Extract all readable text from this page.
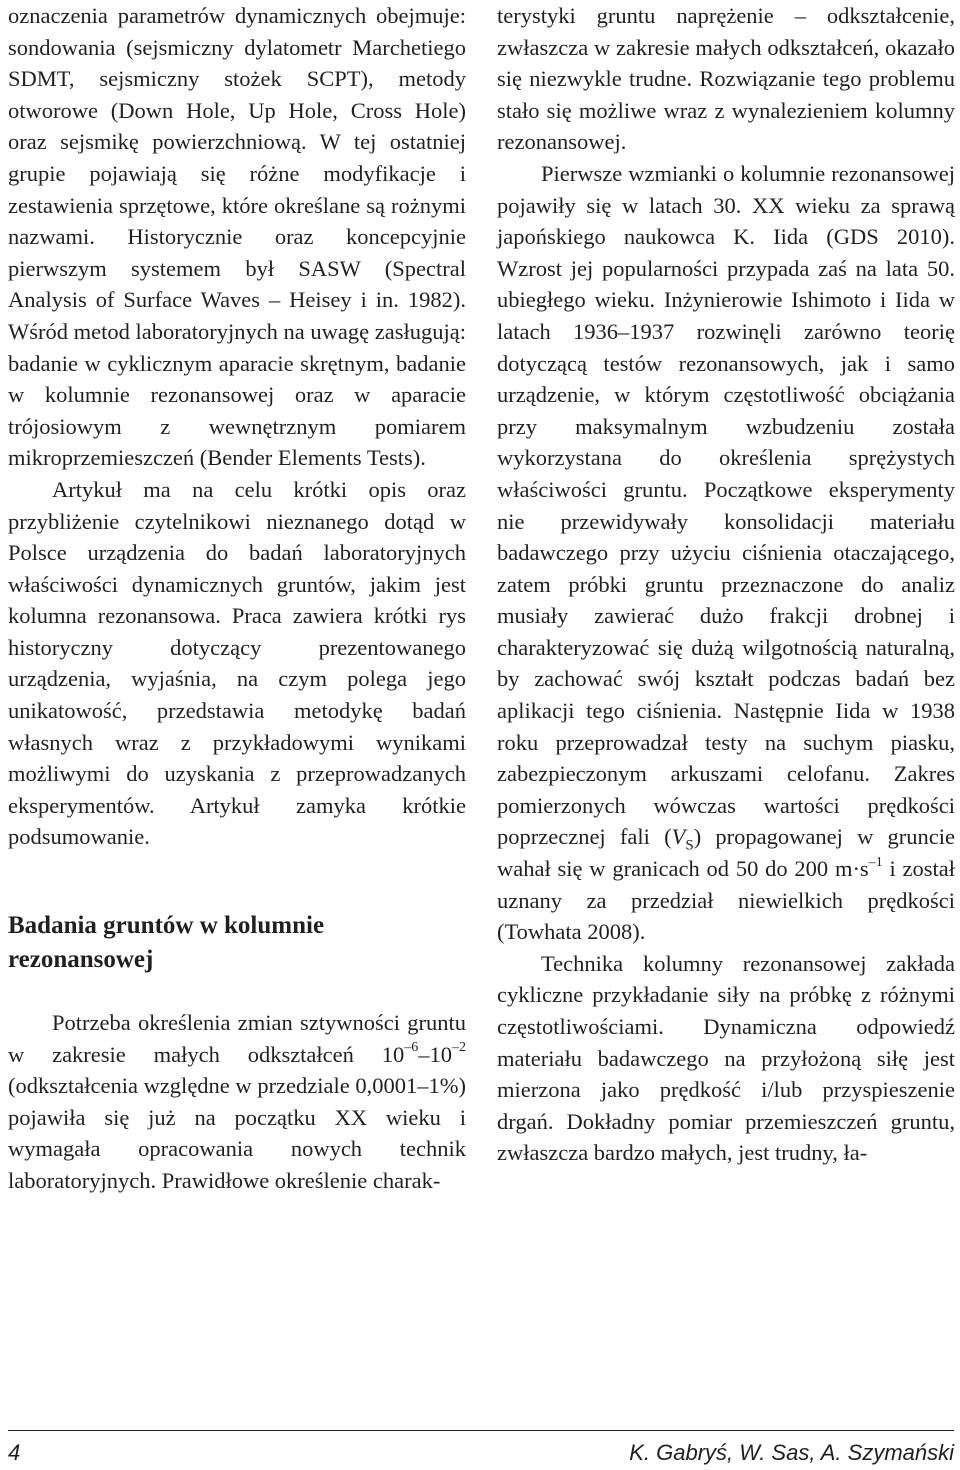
oznaczenia parametrów dynamicznych obejmuje: sondowania (sejsmiczny dylatometr Marchetiego SDMT, sejsmiczny stożek SCPT), metody otworowe (Down Hole, Up Hole, Cross Hole) oraz sejsmikę powierzchniową. W tej ostatniej grupie pojawiają się różne modyfikacje i zestawienia sprzętowe, które określane są rożnymi nazwami. Historycznie oraz koncepcyjnie pierwszym systemem był SASW (Spectral Analysis of Surface Waves – Heisey i in. 1982). Wśród metod laboratoryjnych na uwagę zasługują: badanie w cyklicznym aparacie skrętnym, badanie w kolumnie rezonansowej oraz w aparacie trójosiowym z wewnętrznym pomiarem mikroprzemieszczeń (Bender Elements Tests).

Artykuł ma na celu krótki opis oraz przybliżenie czytelnikowi nieznanego dotąd w Polsce urządzenia do badań laboratoryjnych właściwości dynamicznych gruntów, jakim jest kolumna rezonansowa. Praca zawiera krótki rys historyczny dotyczący prezentowanego urządzenia, wyjaśnia, na czym polega jego unikatowość, przedstawia metodykę badań własnych wraz z przykładowymi wynikami możliwymi do uzyskania z przeprowadzanych eksperymentów. Artykuł zamyka krótkie podsumowanie.

Badania gruntów w kolumnie
rezonansowej

Potrzeba określenia zmian sztywności gruntu w zakresie małych odkształceń $10^{-6}-10^{-2}$ (odkształcenia względne w przedziale 0,0001–1%) pojawiła się już na początku XX wieku i wymagała opracowania nowych technik laboratoryjnych. Prawidłowe określenie charak-

terystyki gruntu naprężenie – odkształcenie, zwłaszcza w zakresie małych odkształceń, okazało się niezwykle trudne. Rozwiązanie tego problemu stało się możliwe wraz z wynalezieniem kolumny rezonansowej.

Pierwsze wzmianki o kolumnie rezonansowej pojawiły się w latach 30. XX wieku za sprawą japońskiego naukowca K. Iida (GDS 2010). Wzrost jej popularności przypada zaś na lata 50. ubiegłego wieku. Inżynierowie Ishimoto i Iida w latach 1936–1937 rozwinęli zarówno teorię dotyczącą testów rezonansowych, jak i samo urządzenie, w którym częstotliwość obciążania przy maksymalnym wzbudzeniu została wykorzystana do określenia sprężystych właściwości gruntu. Początkowe eksperymenty nie przewidywały konsolidacji materiału badawczego przy użyciu ciśnienia otaczającego, zatem próbki gruntu przeznaczone do analiz musiały zawierać dużo frakcji drobnej i charakteryzować się dużą wilgotnością naturalną, by zachować swój kształt podczas badań bez aplikacji tego ciśnienia. Następnie Iida w 1938 roku przeprowadzał testy na suchym piasku, zabezpieczonym arkuszami celofanu. Zakres pomierzonych wówczas wartości prędkości poprzecznej fali $(V_S)$ propagowanej w gruncie wahał się w granicach od 50 do 200 $m\cdot s^{-1}$ i został uznany za przedział niewielkich prędkości (Towhata 2008).

Technika kolumny rezonansowej zakłada cykliczne przykładanie siły na próbkę z różnymi częstotliwościami. Dynamiczna odpowiedź materiału badawczego na przyłożoną siłę jest mierzona jako prędkość i/lub przyspieszenie drgań. Dokładny pomiar przemieszczeń gruntu, zwłaszcza bardzo małych, jest trudny, ła-

4	K. Gabryś, W. Sas, A. Szymański
